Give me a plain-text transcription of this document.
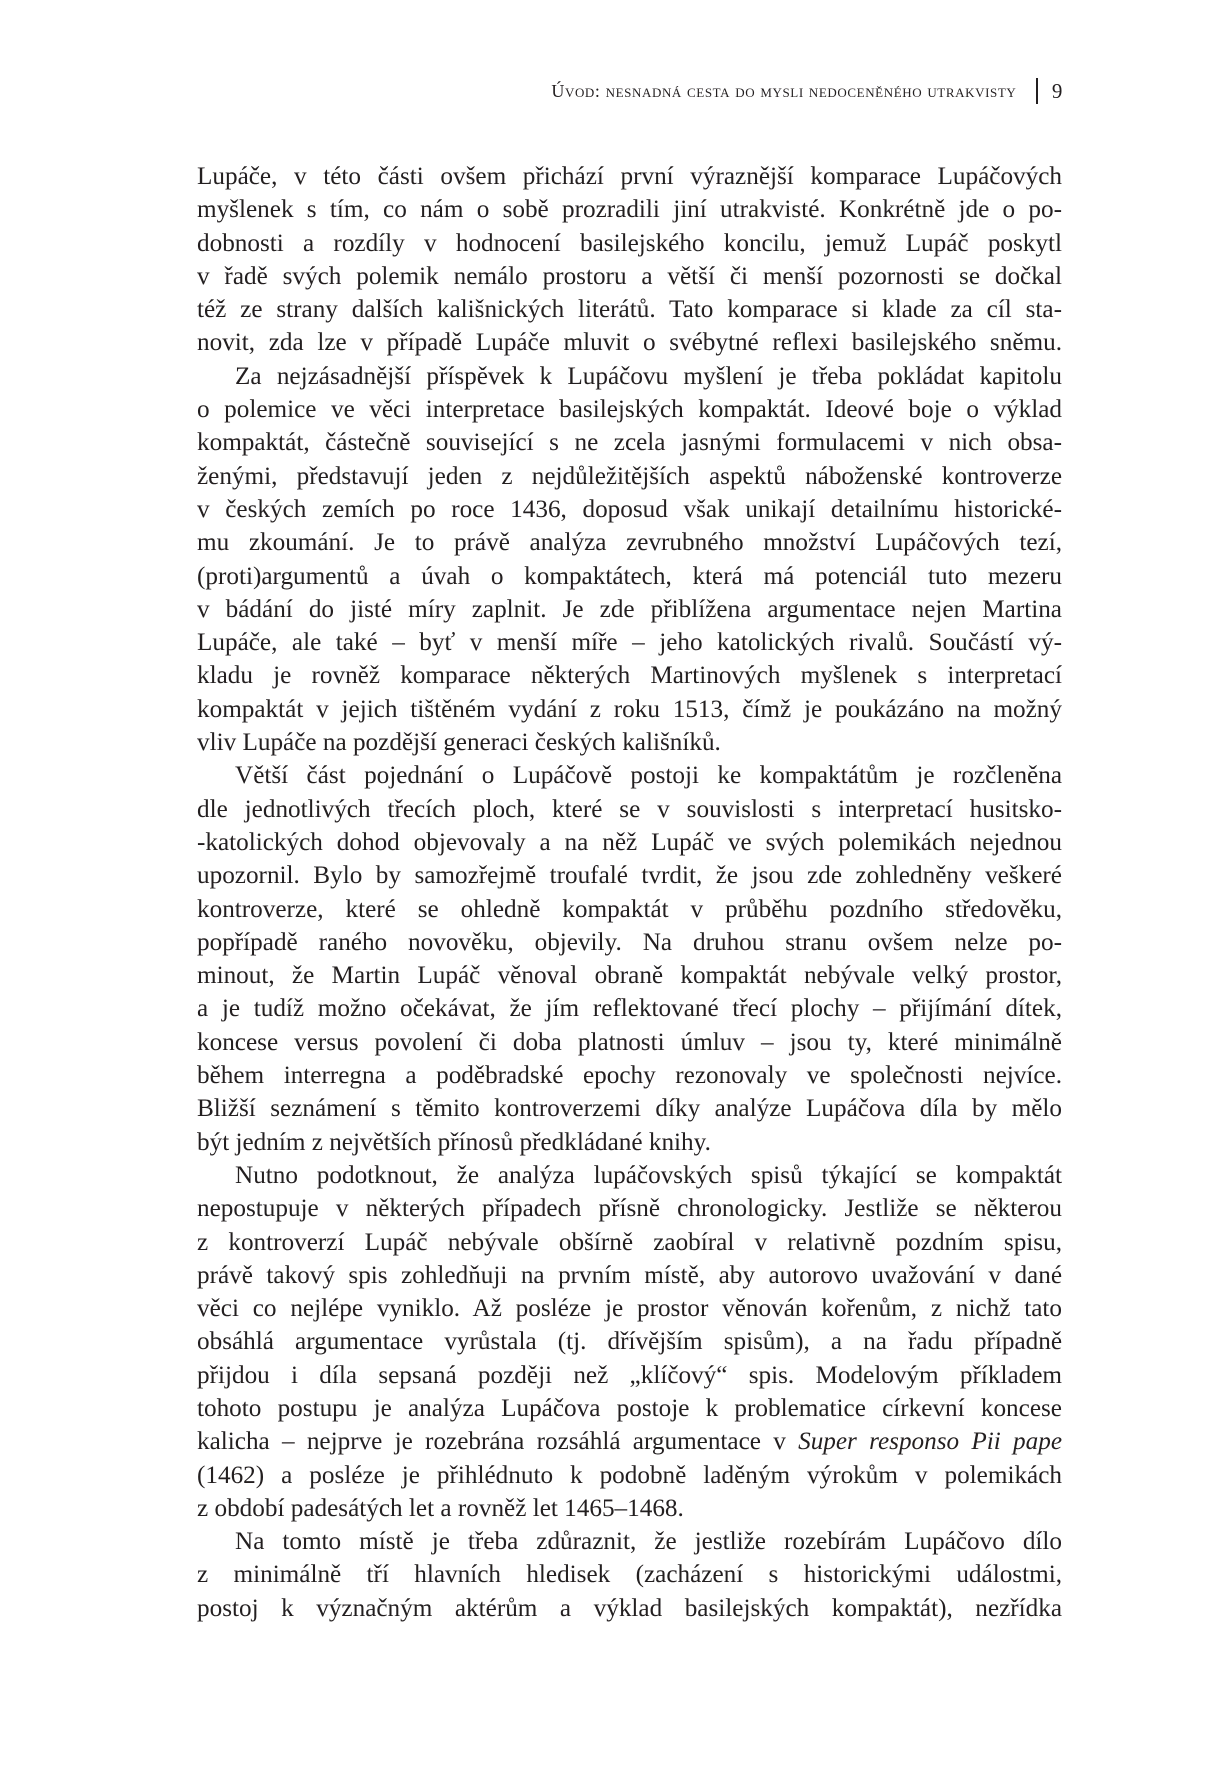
Úvod: nesnadná cesta do mysli nedoceněného utrakvisty 9

Lupáče, v této části ovšem přichází první výraznější komparace Lupáčových
myšlenek s tím, co nám o sobě prozradili jiní utrakvisté. Konkrétně jde o po-
dobnosti a rozdíly v hodnocení basilejského koncilu, jemuž Lupáč poskytl
v řadě svých polemik nemálo prostoru a větší či menší pozornosti se dočkal
též ze strany dalších kališnických literátů. Tato komparace si klade za cíl sta-
novit, zda lze v případě Lupáče mluvit o svébytné reflexi basilejského sněmu.

Za nejzásadnější příspěvek k Lupáčovu myšlení je třeba pokládat kapitolu
o polemice ve věci interpretace basilejských kompaktát. Ideové boje o výklad
kompaktát, částečně související s ne zcela jasnými formulacemi v nich obsa-
ženými, představují jeden z nejdůležitějších aspektů náboženské kontroverze
v českých zemích po roce 1436, doposud však unikají detailnímu historické-
mu zkoumání. Je to právě analýza zevrubného množství Lupáčových tezí,
(proti)argumentů a úvah o kompaktátech, která má potenciál tuto mezeru
v bádání do jisté míry zaplnit. Je zde přiblížena argumentace nejen Martina
Lupáče, ale také – byť v menší míře – jeho katolických rivalů. Součástí vý-
kladu je rovněž komparace některých Martinových myšlenek s interpretací
kompaktát v jejich tištěném vydání z roku 1513, čímž je poukázáno na možný
vliv Lupáče na pozdější generaci českých kališníků.

Větší část pojednání o Lupáčově postoji ke kompaktátům je rozčleněna
dle jednotlivých třecích ploch, které se v souvislosti s interpretací husitsko-
-katolických dohod objevovaly a na něž Lupáč ve svých polemikách nejednou
upozornil. Bylo by samozřejmě troufalé tvrdit, že jsou zde zohledněny veškeré
kontroverze, které se ohledně kompaktát v průběhu pozdního středověku,
popřípadě raného novověku, objevily. Na druhou stranu ovšem nelze po-
minout, že Martin Lupáč věnoval obraně kompaktát nebývale velký prostor,
a je tudíž možno očekávat, že jím reflektované třecí plochy – přijímání dítek,
koncese versus povolení či doba platnosti úmluv – jsou ty, které minimálně
během interregna a poděbradské epochy rezonovaly ve společnosti nejvíce.
Bližší seznámení s těmito kontroverzemi díky analýze Lupáčova díla by mělo
být jedním z největších přínosů předkládané knihy.

Nutno podotknout, že analýza lupáčovských spisů týkající se kompaktát
nepostupuje v některých případech přísně chronologicky. Jestliže se některou
z kontroverzí Lupáč nebývale obšírně zaobíral v relativně pozdním spisu,
právě takový spis zohledňuji na prvním místě, aby autorovo uvažování v dané
věci co nejlépe vyniklo. Až posléze je prostor věnován kořenům, z nichž tato
obsáhlá argumentace vyrůstala (tj. dřívějším spisům), a na řadu případně
přijdou i díla sepsaná později než „klíčový“ spis. Modelovým příkladem
tohoto postupu je analýza Lupáčova postoje k problematice církevní koncese
kalicha – nejprve je rozebrána rozsáhlá argumentace v Super responso Pii pape
(1462) a posléze je přihlédnuto k podobně laděným výrokům v polemikách
z období padesátých let a rovněž let 1465–1468.

Na tomto místě je třeba zdůraznit, že jestliže rozebírám Lupáčovo dílo
z minimálně tří hlavních hledisek (zacházení s historickými událostmi,
postoj k význačným aktérům a výklad basilejských kompaktát), nezřídka
